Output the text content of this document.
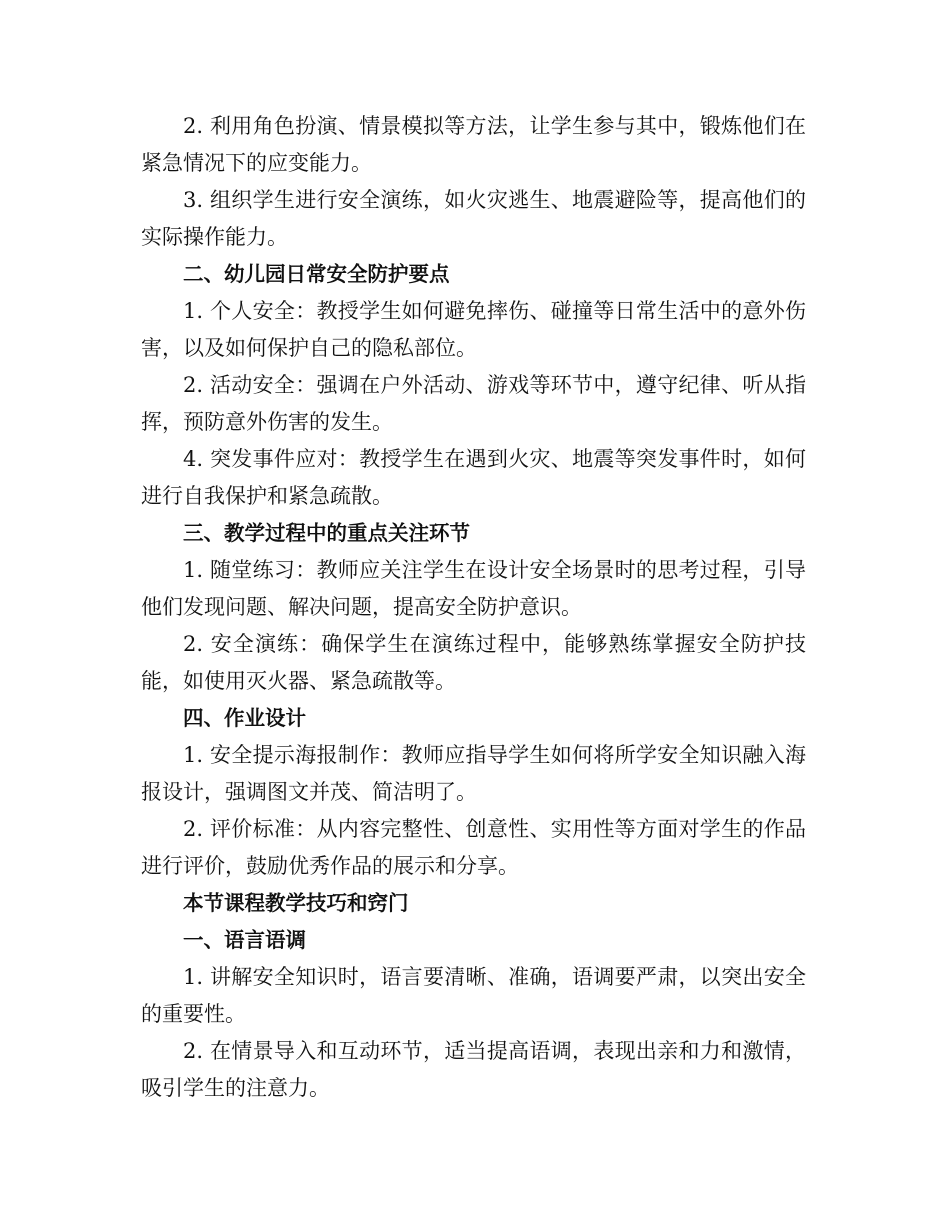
2. 利用角色扮演、情景模拟等方法，让学生参与其中，锻炼他们在紧急情况下的应变能力。

3. 组织学生进行安全演练，如火灾逃生、地震避险等，提高他们的实际操作能力。

二、幼儿园日常安全防护要点

1. 个人安全：教授学生如何避免摔伤、碰撞等日常生活中的意外伤害，以及如何保护自己的隐私部位。

2. 活动安全：强调在户外活动、游戏等环节中，遵守纪律、听从指挥，预防意外伤害的发生。

4. 突发事件应对：教授学生在遇到火灾、地震等突发事件时，如何进行自我保护和紧急疏散。

三、教学过程中的重点关注环节

1. 随堂练习：教师应关注学生在设计安全场景时的思考过程，引导他们发现问题、解决问题，提高安全防护意识。

2. 安全演练：确保学生在演练过程中，能够熟练掌握安全防护技能，如使用灭火器、紧急疏散等。

四、作业设计

1. 安全提示海报制作：教师应指导学生如何将所学安全知识融入海报设计，强调图文并茂、简洁明了。

2. 评价标准：从内容完整性、创意性、实用性等方面对学生的作品进行评价，鼓励优秀作品的展示和分享。

本节课程教学技巧和窍门

一、语言语调

1. 讲解安全知识时，语言要清晰、准确，语调要严肃，以突出安全的重要性。

2. 在情景导入和互动环节，适当提高语调，表现出亲和力和激情，吸引学生的注意力。
